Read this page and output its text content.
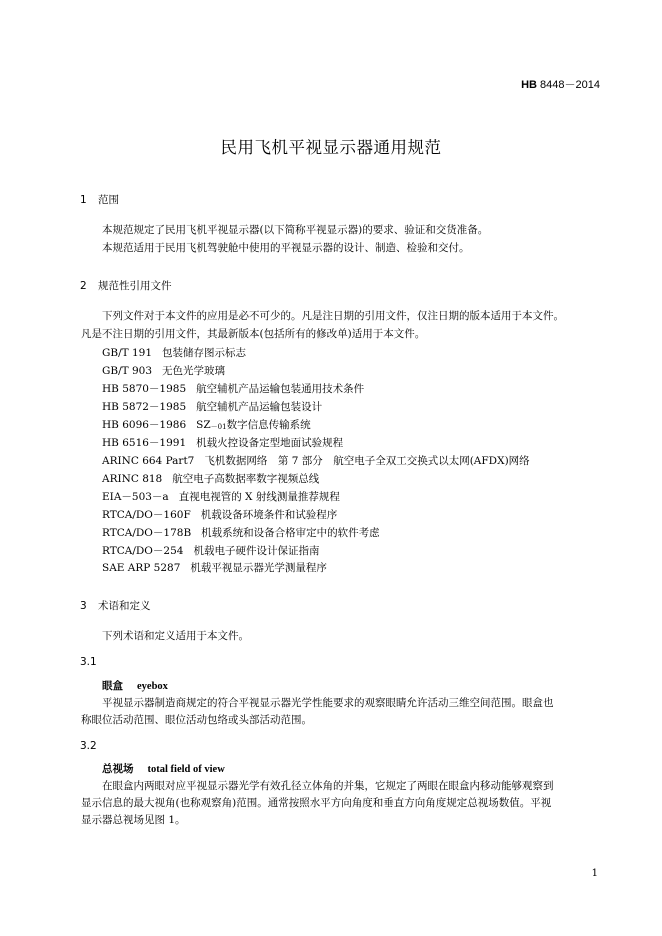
HB 8448－2014
民用飞机平视显示器通用规范
1 范围
本规范规定了民用飞机平视显示器(以下简称平视显示器)的要求、验证和交货准备。
本规范适用于民用飞机驾驶舱中使用的平视显示器的设计、制造、检验和交付。
2 规范性引用文件
下列文件对于本文件的应用是必不可少的。凡是注日期的引用文件，仅注日期的版本适用于本文件。
凡是不注日期的引用文件，其最新版本(包括所有的修改单)适用于本文件。
GB/T 191 包装储存图示标志
GB/T 903 无色光学玻璃
HB 5870－1985 航空辅机产品运输包装通用技术条件
HB 5872－1985 航空辅机产品运输包装设计
HB 6096－1986 SZ－01数字信息传输系统
HB 6516－1991 机载火控设备定型地面试验规程
ARINC 664 Part7 飞机数据网络　第 7 部分　航空电子全双工交换式以太网(AFDX)网络
ARINC 818 航空电子高数据率数字视频总线
EIA－503－a 直视电视管的 X 射线测量推荐规程
RTCA/DO－160F 机载设备环境条件和试验程序
RTCA/DO－178B 机载系统和设备合格审定中的软件考虑
RTCA/DO－254 机载电子硬件设计保证指南
SAE ARP 5287 机载平视显示器光学测量程序
3 术语和定义
下列术语和定义适用于本文件。
3.1
眼盒 eyebox
平视显示器制造商规定的符合平视显示器光学性能要求的观察眼睛允许活动三维空间范围。眼盒也
称眼位活动范围、眼位活动包络或头部活动范围。
3.2
总视场 total field of view
在眼盒内两眼对应平视显示器光学有效孔径立体角的并集，它规定了两眼在眼盒内移动能够观察到
显示信息的最大视角(也称观察角)范围。通常按照水平方向角度和垂直方向角度规定总视场数值。平视
显示器总视场见图 1。
1
